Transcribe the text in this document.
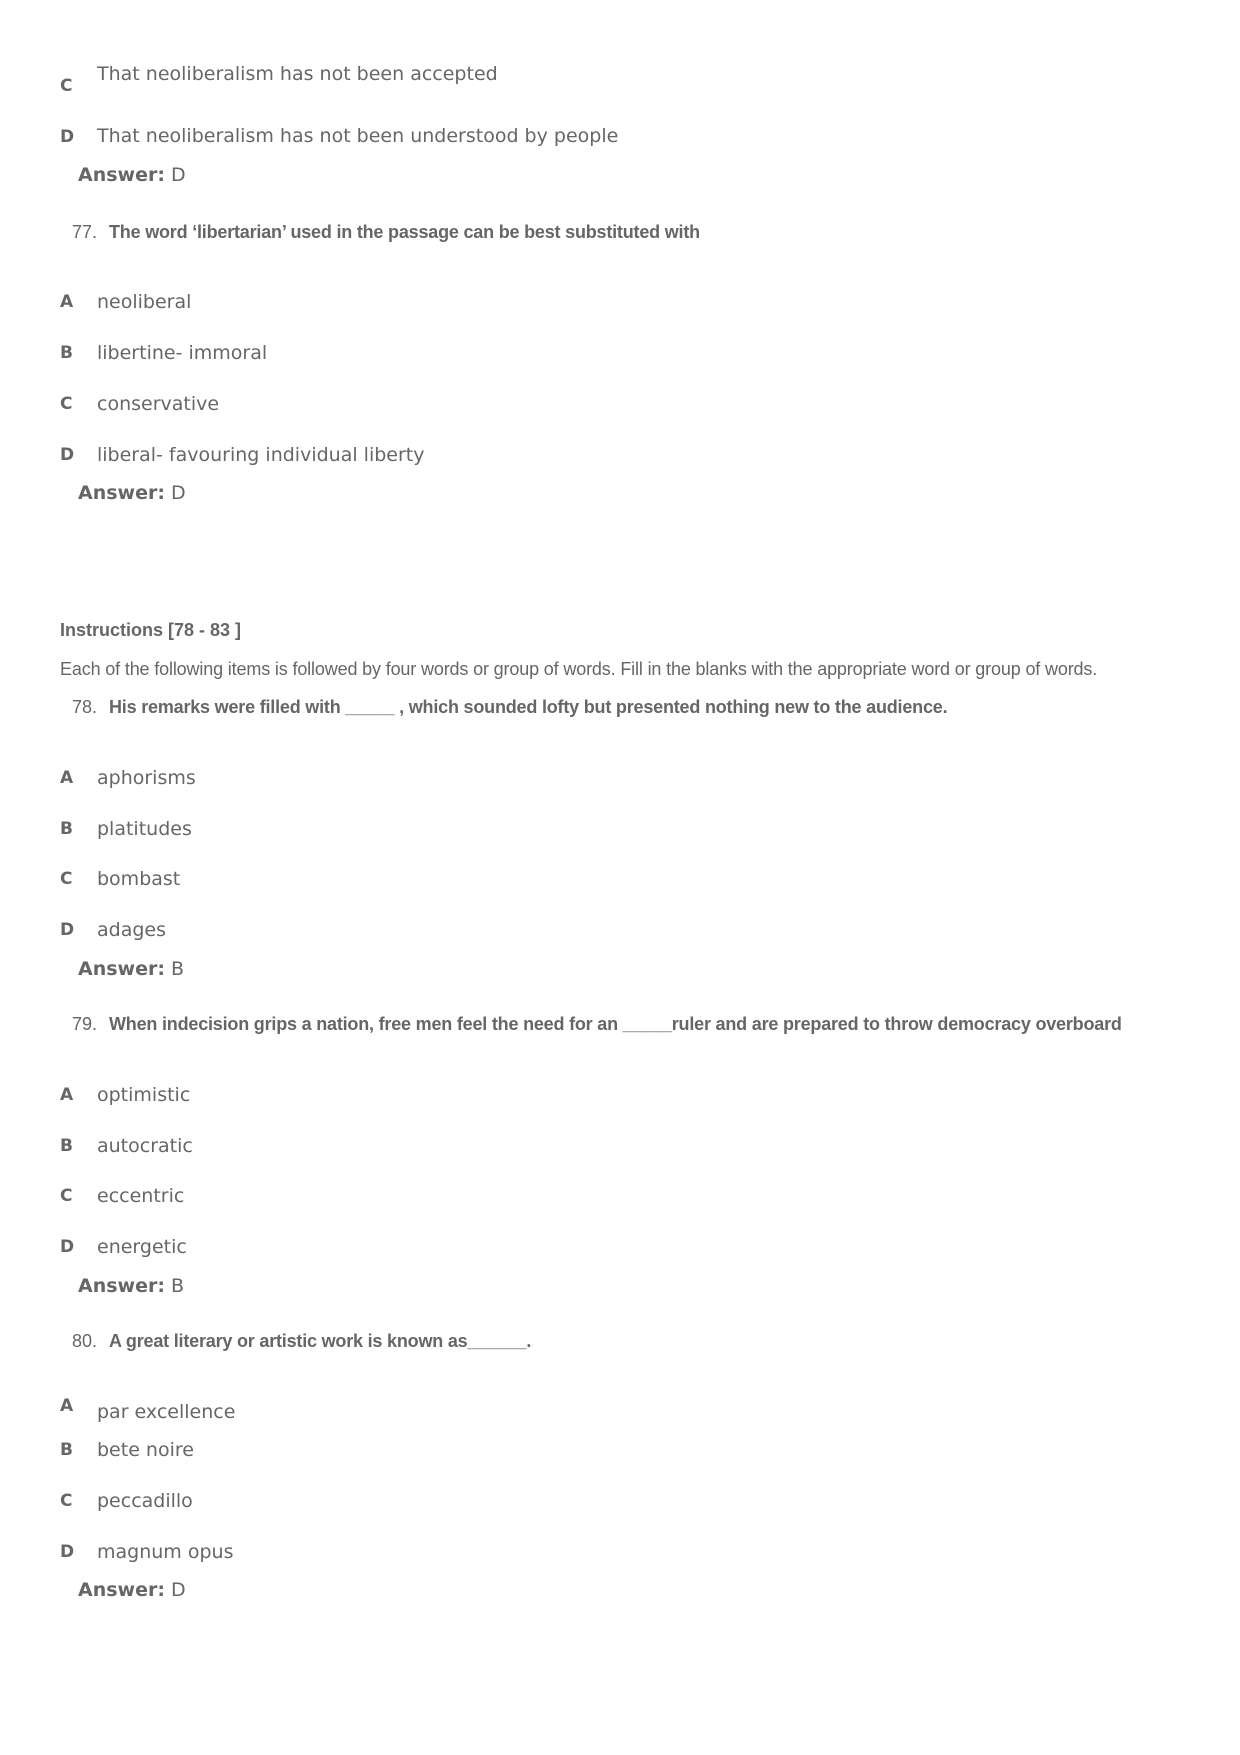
C
That neoliberalism has not been accepted
D That neoliberalism has not been understood by people
Answer: D
77. The word ‘libertarian’ used in the passage can be best substituted with
A neoliberal
B libertine- immoral
C conservative
D liberal- favouring individual liberty
Answer: D
Instructions [78 - 83 ]
Each of the following items is followed by four words or group of words. Fill in the blanks with the appropriate word or group of words.
78. His remarks were filled with _____ , which sounded lofty but presented nothing new to the audience.
A aphorisms
B platitudes
C bombast
D adages
Answer: B
79. When indecision grips a nation, free men feel the need for an _____ruler and are prepared to throw democracy overboard
A optimistic
B autocratic
C eccentric
D energetic
Answer: B
80. A great literary or artistic work is known as______.
A par excellence
B bete noire
C peccadillo
D magnum opus
Answer: D
